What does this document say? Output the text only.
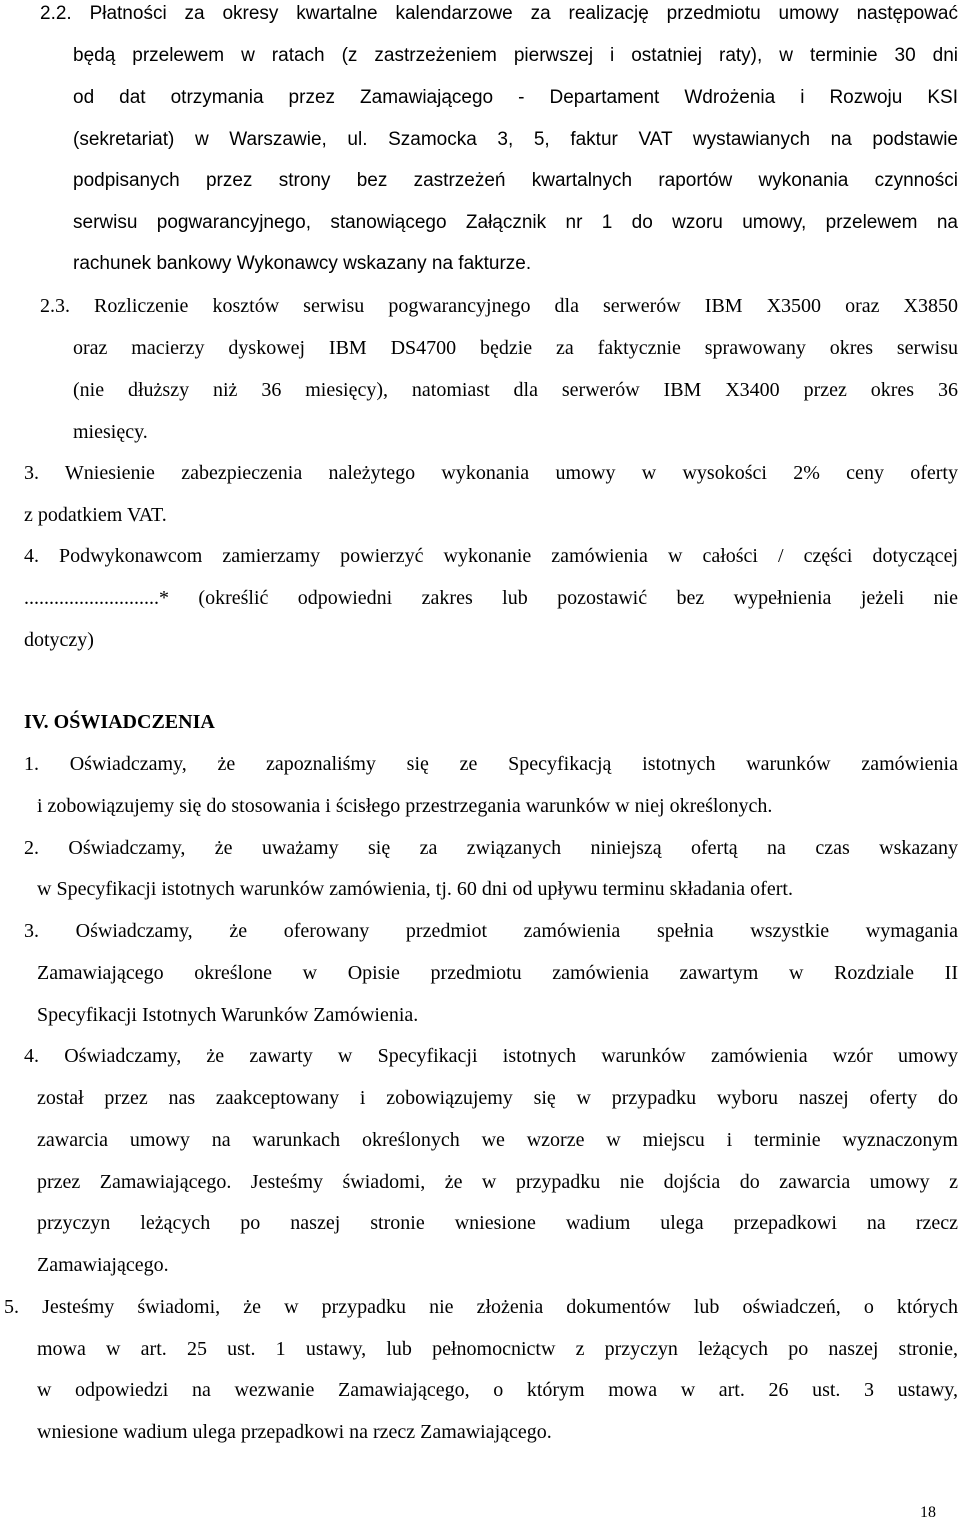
2.2. Płatności za okresy kwartalne kalendarzowe za realizację przedmiotu umowy następować
będą przelewem w ratach (z zastrzeżeniem pierwszej i ostatniej raty), w terminie 30 dni
od dat otrzymania przez Zamawiającego - Departament Wdrożenia i Rozwoju KSI
(sekretariat) w Warszawie, ul. Szamocka 3, 5, faktur VAT wystawianych na podstawie
podpisanych przez strony bez zastrzeżeń kwartalnych raportów wykonania czynności
serwisu pogwarancyjnego, stanowiącego Załącznik nr 1 do wzoru umowy, przelewem na
rachunek bankowy Wykonawcy wskazany na fakturze.
2.3. Rozliczenie kosztów serwisu pogwarancyjnego dla serwerów IBM X3500 oraz X3850
oraz macierzy dyskowej IBM DS4700 będzie za faktycznie sprawowany okres serwisu
(nie dłuższy niż 36 miesięcy), natomiast dla serwerów IBM X3400 przez okres 36
miesięcy.
3. Wniesienie zabezpieczenia należytego wykonania umowy w wysokości 2% ceny oferty
z podatkiem VAT.
4. Podwykonawcom zamierzamy powierzyć wykonanie zamówienia w całości / części dotyczącej
...........................* (określić odpowiedni zakres lub pozostawić bez wypełnienia jeżeli nie
dotyczy)
IV. OŚWIADCZENIA
1. Oświadczamy, że zapoznaliśmy się ze Specyfikacją istotnych warunków zamówienia
i zobowiązujemy się do stosowania i ścisłego przestrzegania warunków w niej określonych.
2. Oświadczamy, że uważamy się za związanych niniejszą ofertą na czas wskazany
w Specyfikacji istotnych warunków zamówienia, tj. 60 dni od upływu terminu składania ofert.
3. Oświadczamy, że oferowany przedmiot zamówienia spełnia wszystkie wymagania
Zamawiającego określone w Opisie przedmiotu zamówienia zawartym w Rozdziale II
Specyfikacji Istotnych Warunków Zamówienia.
4. Oświadczamy, że zawarty w Specyfikacji istotnych warunków zamówienia wzór umowy
został przez nas zaakceptowany i zobowiązujemy się w przypadku wyboru naszej oferty do
zawarcia umowy na warunkach określonych we wzorze w miejscu i terminie wyznaczonym
przez Zamawiającego. Jesteśmy świadomi, że w przypadku nie dojścia do zawarcia umowy z
przyczyn leżących po naszej stronie wniesione wadium ulega przepadkowi na rzecz
Zamawiającego.
5. Jesteśmy świadomi, że w przypadku nie złożenia dokumentów lub oświadczeń, o których
mowa w art. 25 ust. 1 ustawy, lub pełnomocnictw z przyczyn leżących po naszej stronie,
w odpowiedzi na wezwanie Zamawiającego, o którym mowa w art. 26 ust. 3 ustawy,
wniesione wadium ulega przepadkowi na rzecz Zamawiającego.
18
